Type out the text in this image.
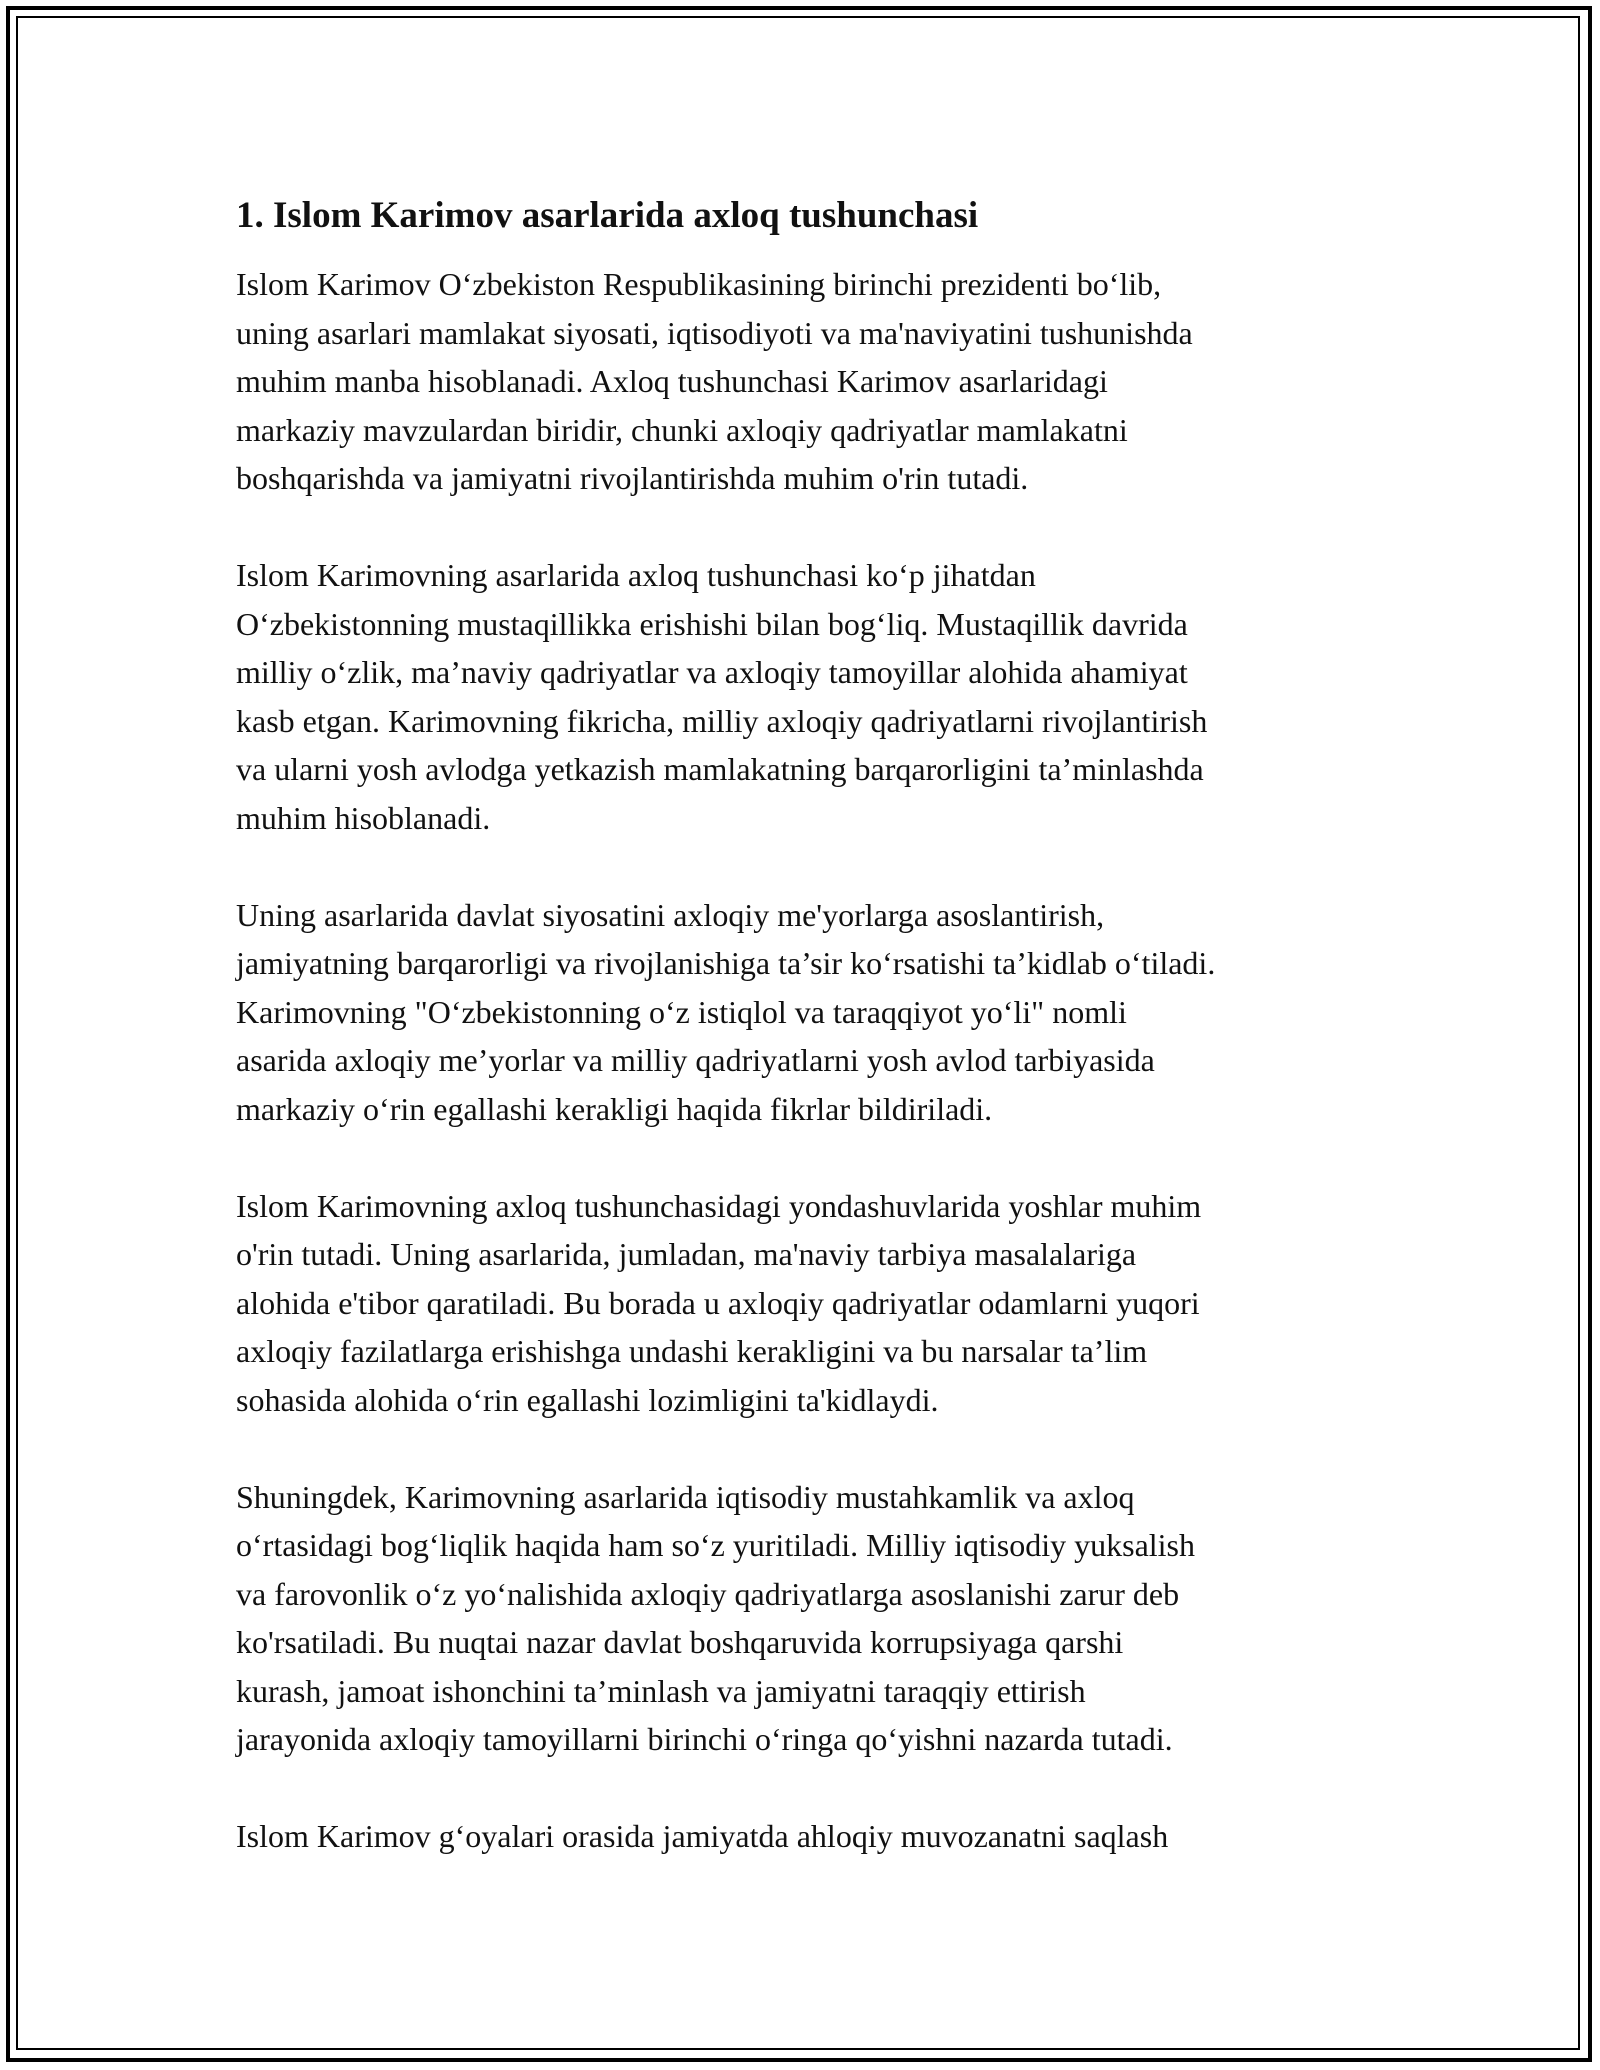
1. Islom Karimov asarlarida axloq tushunchasi

Islom Karimov O‘zbekiston Respublikasining birinchi prezidenti bo‘lib,
uning asarlari mamlakat siyosati, iqtisodiyoti va ma'naviyatini tushunishda
muhim manba hisoblanadi. Axloq tushunchasi Karimov asarlaridagi
markaziy mavzulardan biridir, chunki axloqiy qadriyatlar mamlakatni
boshqarishda va jamiyatni rivojlantirishda muhim o'rin tutadi.

Islom Karimovning asarlarida axloq tushunchasi ko‘p jihatdan
O‘zbekistonning mustaqillikka erishishi bilan bog‘liq. Mustaqillik davrida
milliy o‘zlik, ma’naviy qadriyatlar va axloqiy tamoyillar alohida ahamiyat
kasb etgan. Karimovning fikricha, milliy axloqiy qadriyatlarni rivojlantirish
va ularni yosh avlodga yetkazish mamlakatning barqarorligini ta’minlashda
muhim hisoblanadi.

Uning asarlarida davlat siyosatini axloqiy me'yorlarga asoslantirish,
jamiyatning barqarorligi va rivojlanishiga ta’sir ko‘rsatishi ta’kidlab o‘tiladi.
Karimovning "O‘zbekistonning o‘z istiqlol va taraqqiyot yo‘li" nomli
asarida axloqiy me’yorlar va milliy qadriyatlarni yosh avlod tarbiyasida
markaziy o‘rin egallashi kerakligi haqida fikrlar bildiriladi.

Islom Karimovning axloq tushunchasidagi yondashuvlarida yoshlar muhim
o'rin tutadi. Uning asarlarida, jumladan, ma'naviy tarbiya masalalariga
alohida e'tibor qaratiladi. Bu borada u axloqiy qadriyatlar odamlarni yuqori
axloqiy fazilatlarga erishishga undashi kerakligini va bu narsalar ta’lim
sohasida alohida o‘rin egallashi lozimligini ta'kidlaydi.

Shuningdek, Karimovning asarlarida iqtisodiy mustahkamlik va axloq
o‘rtasidagi bog‘liqlik haqida ham so‘z yuritiladi. Milliy iqtisodiy yuksalish
va farovonlik o‘z yo‘nalishida axloqiy qadriyatlarga asoslanishi zarur deb
ko'rsatiladi. Bu nuqtai nazar davlat boshqaruvida korrupsiyaga qarshi
kurash, jamoat ishonchini ta’minlash va jamiyatni taraqqiy ettirish
jarayonida axloqiy tamoyillarni birinchi o‘ringa qo‘yishni nazarda tutadi.

Islom Karimov g‘oyalari orasida jamiyatda ahloqiy muvozanatni saqlash
